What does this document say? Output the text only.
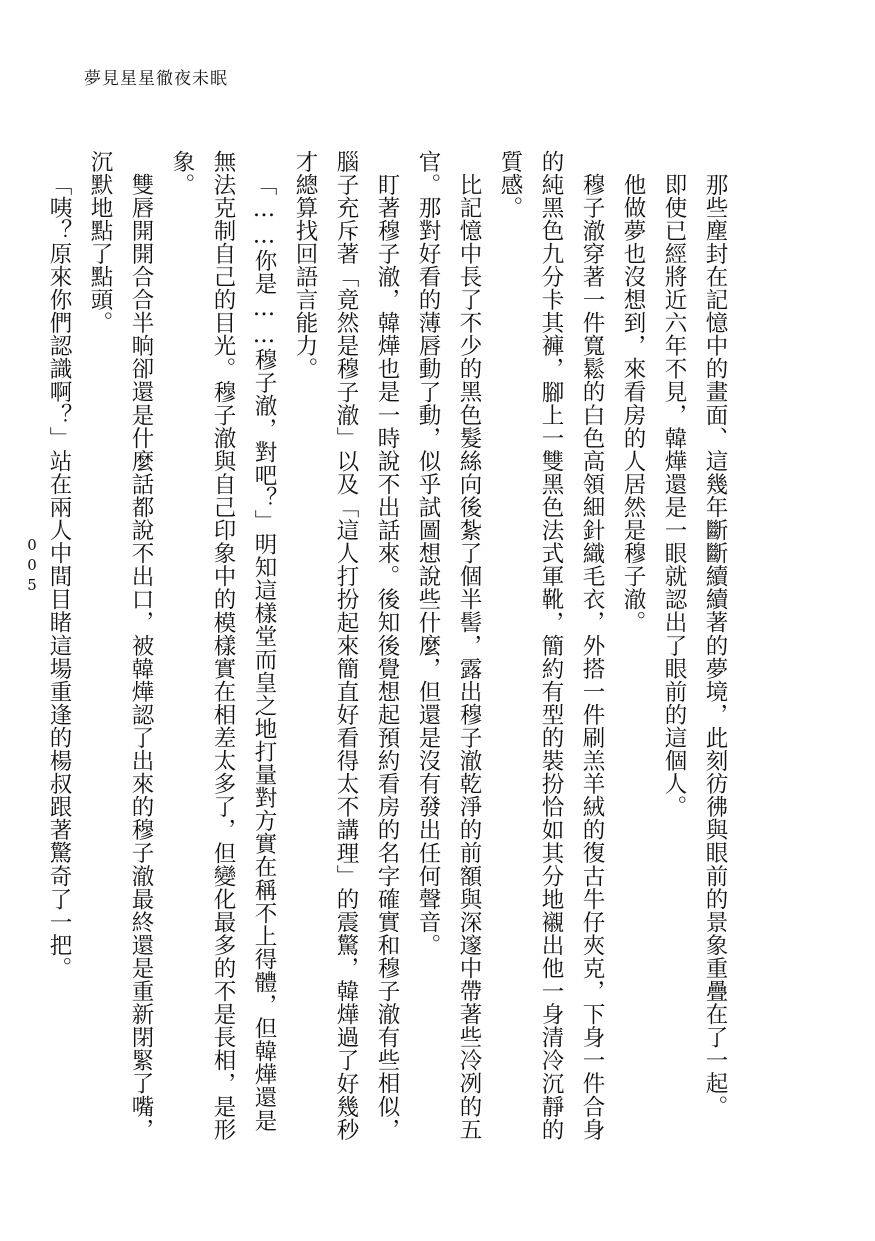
夢見星星徹夜未眠

那些塵封在記憶中的畫面、這幾年斷斷續續著的夢境，此刻彷彿與眼前的景象重疊在了一起。

即使已經將近六年不見，韓燁還是一眼就認出了眼前的這個人。

他做夢也沒想到，來看房的人居然是穆子澈。

穆子澈穿著一件寬鬆的白色高領細針織毛衣，外搭一件刷羔羊絨的復古牛仔夾克，下身一件合身的純黑色九分卡其褲，腳上一雙黑色法式軍靴，簡約有型的裝扮恰如其分地襯出他一身清冷沉靜的質感。

比記憶中長了不少的黑色髮絲向後紮了個半髻，露出穆子澈乾淨的前額與深邃中帶著些冷冽的五官。那對好看的薄唇動了動，似乎試圖想說些什麼，但還是沒有發出任何聲音。

盯著穆子澈，韓燁也是一時說不出話來。後知後覺想起預約看房的名字確實和穆子澈有些相似，腦子充斥著「竟然是穆子澈」以及「這人打扮起來簡直好看得太不講理」的震驚，韓燁過了好幾秒才總算找回語言能力。

「……你是……穆子澈，對吧？」明知這樣堂而皇之地打量對方實在稱不上得體，但韓燁還是無法克制自己的目光。穆子澈與自己印象中的模樣實在相差太多了，但變化最多的不是長相，是形象。

雙唇開開合合半晌卻還是什麼話都說不出口，被韓燁認了出來的穆子澈最終還是重新閉緊了嘴，沉默地點了點頭。

「咦？原來你們認識啊？」站在兩人中間目睹這場重逢的楊叔跟著驚奇了一把。

005
